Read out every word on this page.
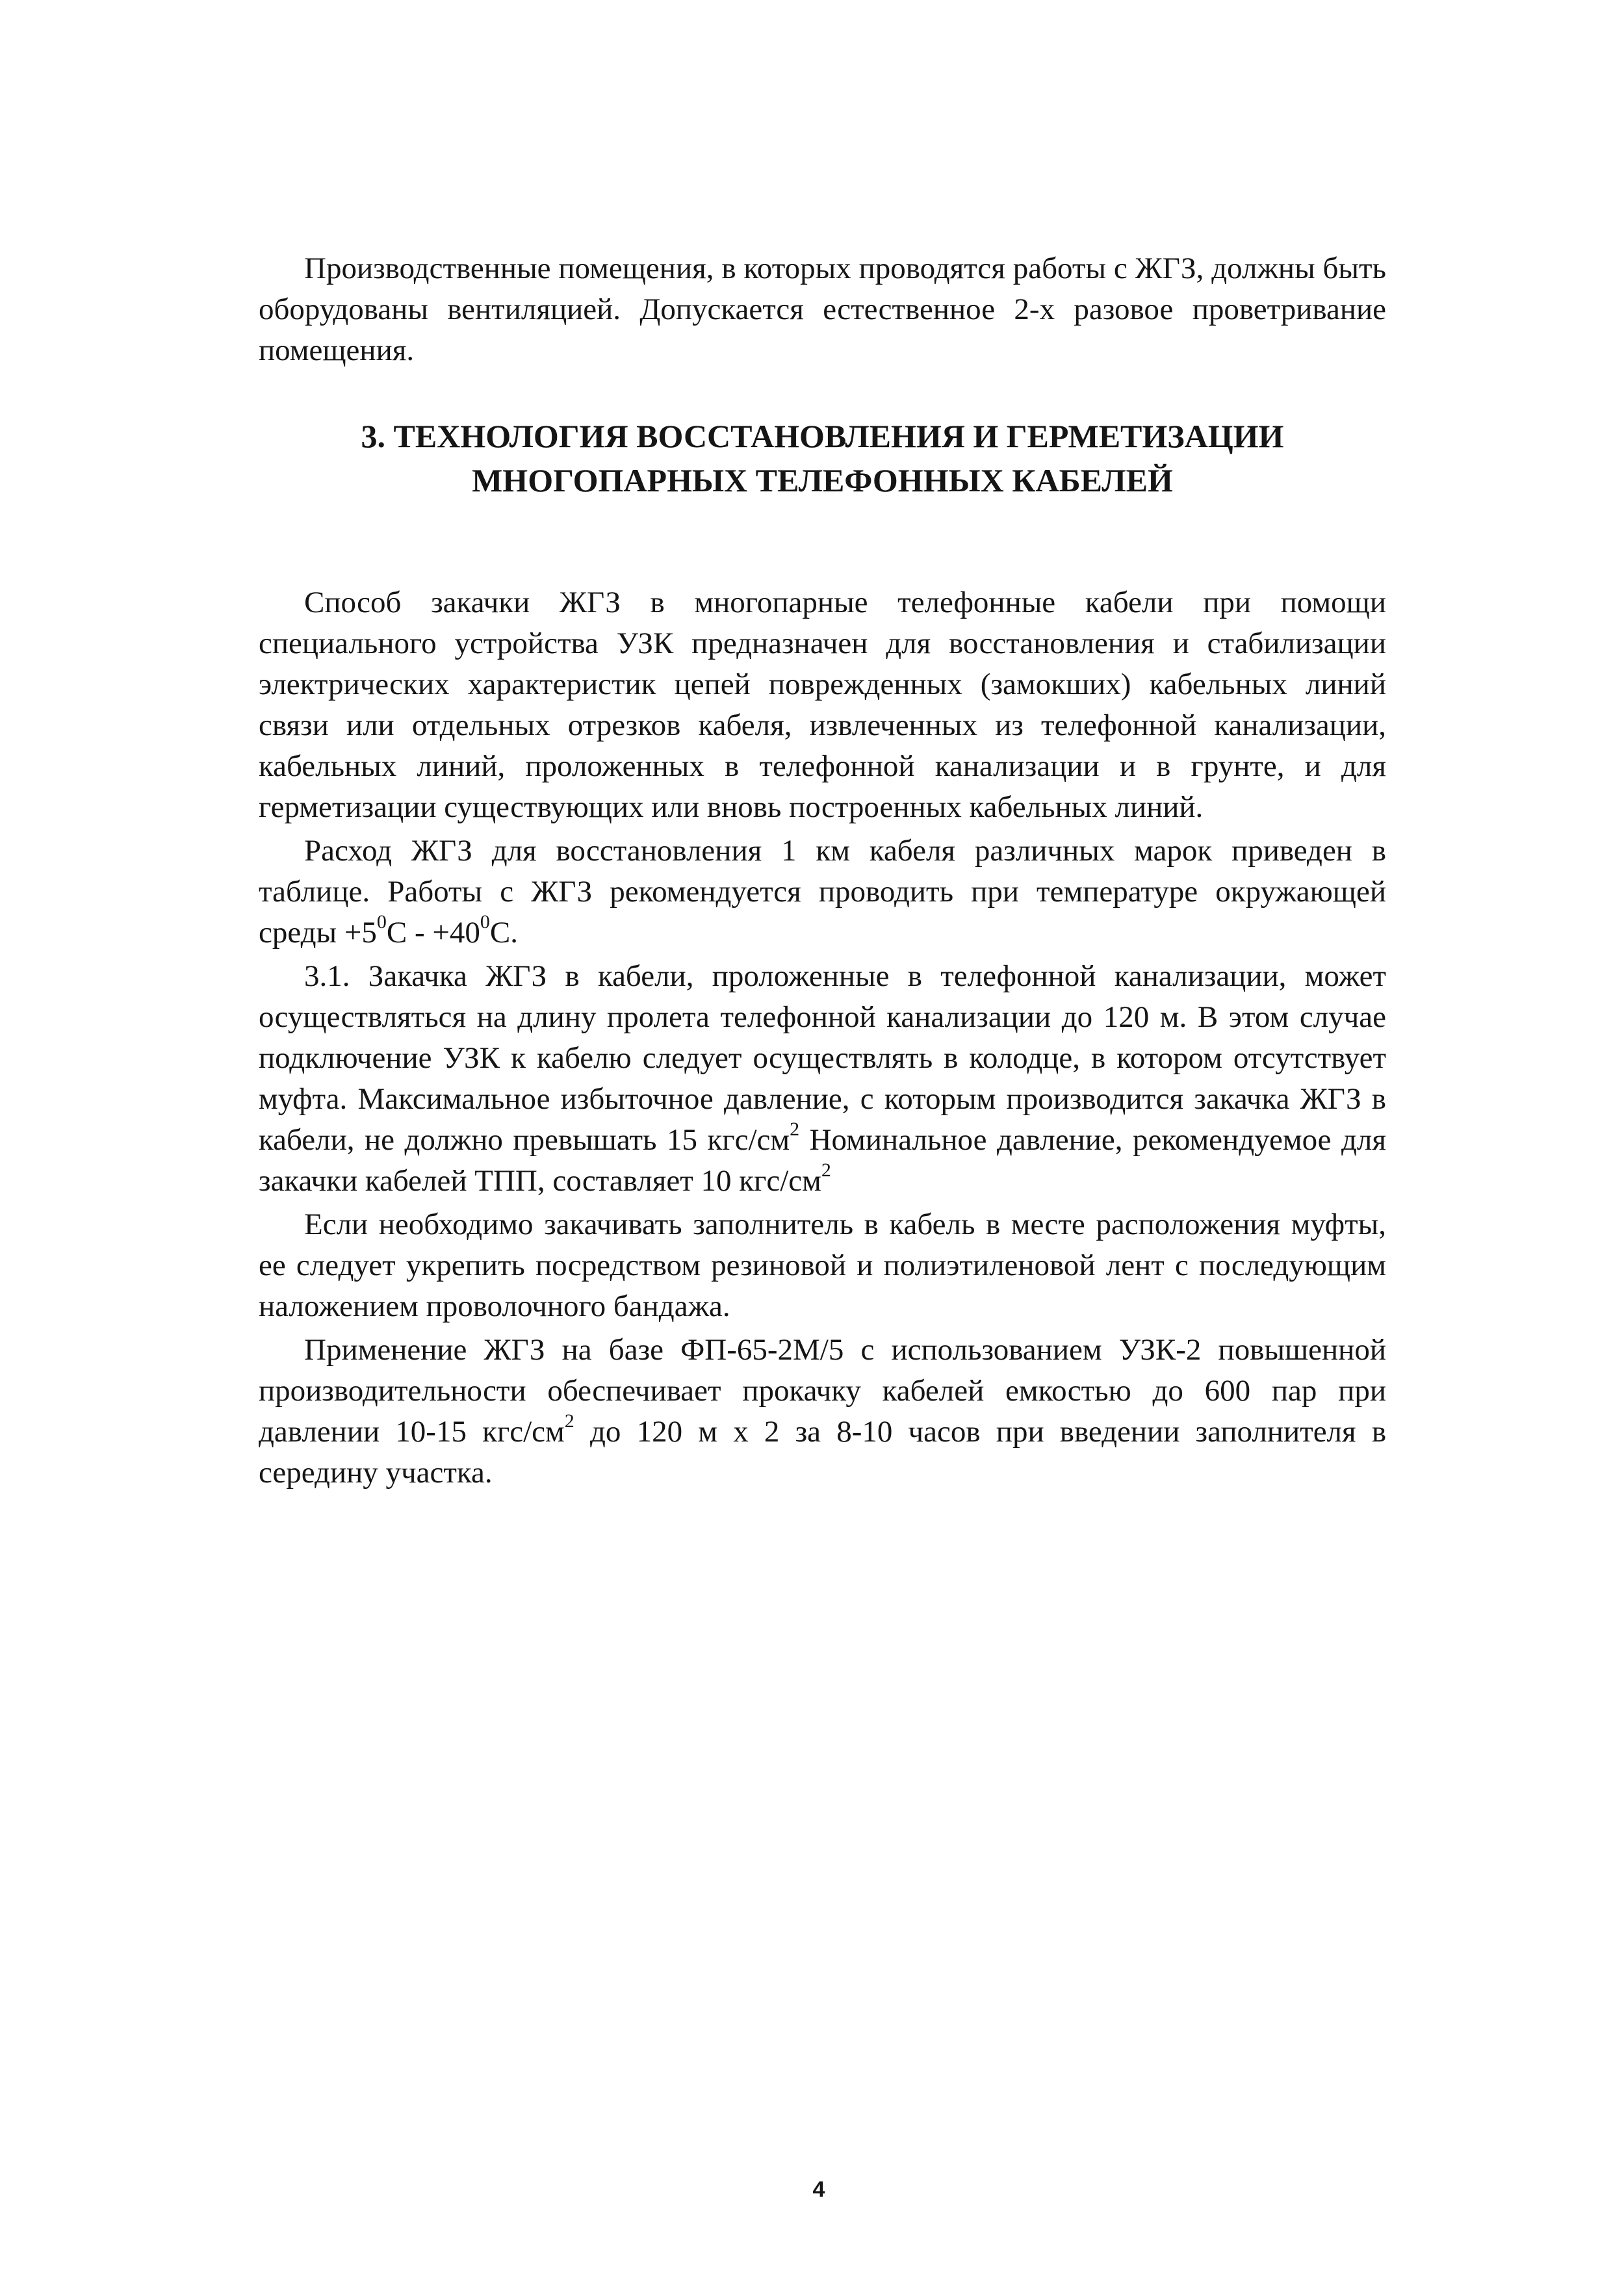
Производственные помещения, в которых проводятся работы с ЖГЗ, должны быть оборудованы вентиляцией. Допускается естественное 2-х разовое проветривание помещения.

3. ТЕХНОЛОГИЯ ВОССТАНОВЛЕНИЯ И ГЕРМЕТИЗАЦИИ
МНОГОПАРНЫХ ТЕЛЕФОННЫХ КАБЕЛЕЙ

Способ закачки ЖГЗ в многопарные телефонные кабели при помощи специального устройства УЗК предназначен для восстановления и стабилизации электрических характеристик цепей поврежденных (замокших) кабельных линий связи или отдельных отрезков кабеля, извлеченных из телефонной канализации, кабельных линий, проложенных в телефонной канализации и в грунте, и для герметизации существующих или вновь построенных кабельных линий.

Расход ЖГЗ для восстановления 1 км кабеля различных марок приведен в таблице. Работы с ЖГЗ рекомендуется проводить при температуре окружающей среды $+5^0С - +40^0С$.

3.1. Закачка ЖГЗ в кабели, проложенные в телефонной канализации, может осуществляться на длину пролета телефонной канализации до 120 м. В этом случае подключение УЗК к кабелю следует осуществлять в колодце, в котором отсутствует муфта. Максимальное избыточное давление, с которым производится закачка ЖГЗ в кабели, не должно превышать 15 кгс/$см^2$ Номинальное давление, рекомендуемое для закачки кабелей ТПП, составляет 10 кгс/$см^2$

Если необходимо закачивать заполнитель в кабель в месте расположения муфты, ее следует укрепить посредством резиновой и полиэтиленовой лент с последующим наложением проволочного бандажа.

Применение ЖГЗ на базе ФП-65-2М/5 с использованием УЗК-2 повышенной производительности обеспечивает прокачку кабелей емкостью до 600 пар при давлении 10-15 кгс/$см^2$ до 120 м х 2 за 8-10 часов при введении заполнителя в середину участка.

4
